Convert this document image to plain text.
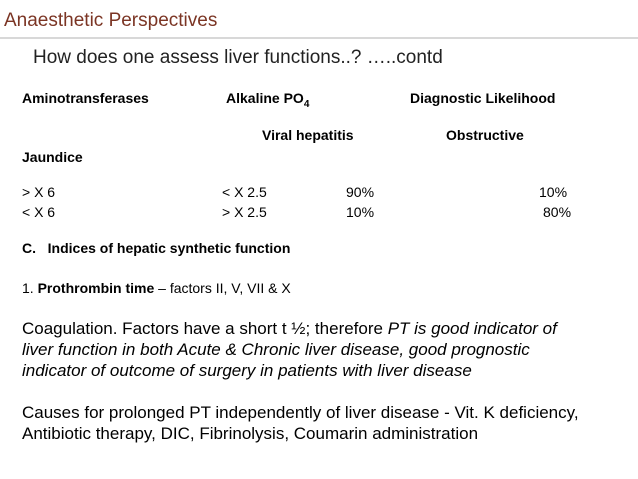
Anaesthetic Perspectives
How does one assess liver functions..? …..contd
Aminotransferases	Alkaline $PO_4$	Diagnostic Likelihood
Viral hepatitis	Obstructive
Jaundice
> X 6	< X 2.5	90%	10%
< X 6	> X 2.5	10%	80%
C. Indices of hepatic synthetic function
1. Prothrombin time – factors II, V, VII & X
Coagulation. Factors have a short t ½; therefore PT is good indicator of
liver function in both Acute & Chronic liver disease, good prognostic
indicator of outcome of surgery in patients with liver disease
Causes for prolonged PT independently of liver disease - Vit. K deficiency,
Antibiotic therapy, DIC, Fibrinolysis, Coumarin administration
